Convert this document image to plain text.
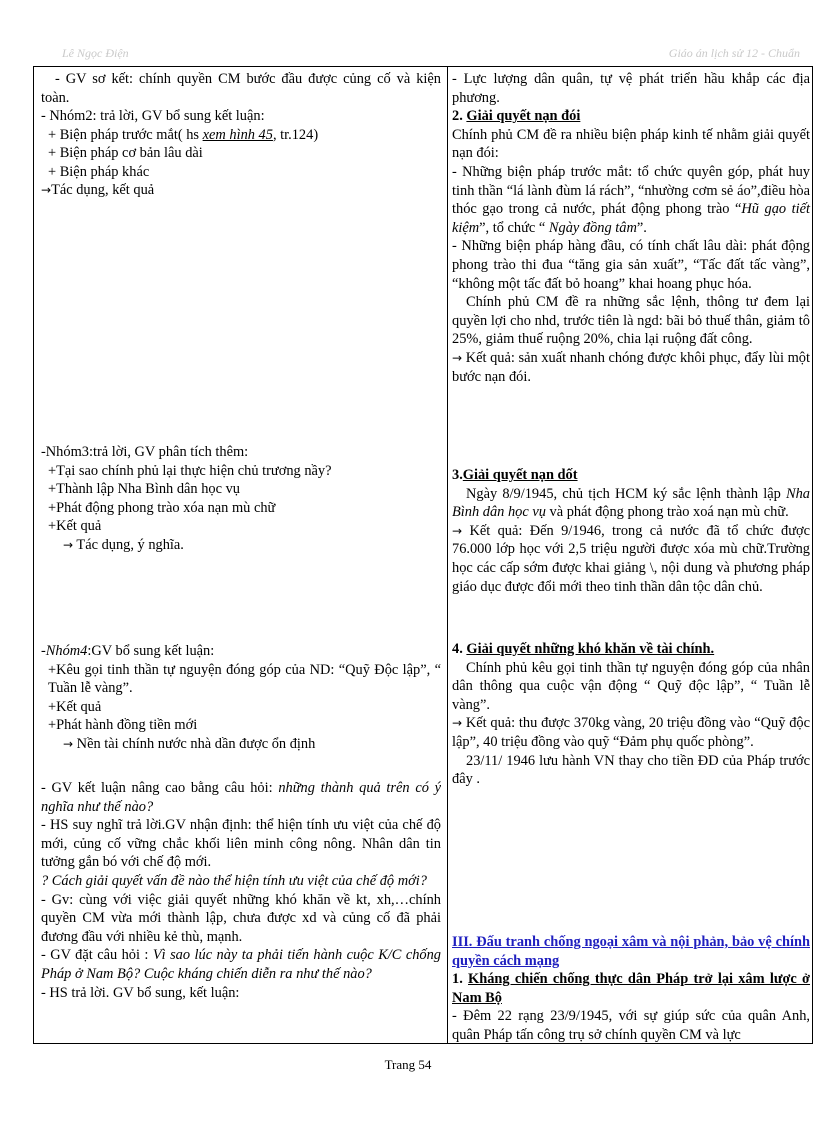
Lê Ngọc Điện	Giáo án lịch sử 12 - Chuẩn

- GV sơ kết: chính quyền CM bước đầu được củng cố và kiện toàn.

- Nhóm2: trả lời, GV bổ sung kết luận:

+ Biện pháp trước mắt( hs xem hình 45, tr.124)

+ Biện pháp cơ bản lâu dài

+ Biện pháp khác

→Tác dụng, kết quả

-Nhóm3:trả lời, GV phân tích thêm:

+Tại sao chính phủ lại thực hiện chủ trương nầy?

+Thành lập Nha Bình dân học vụ

+Phát động phong trào xóa nạn mù chữ

+Kết quả

→ Tác dụng, ý nghĩa.

-Nhóm4:GV bổ sung kết luận:

+Kêu gọi tinh thần tự nguyện đóng góp của ND: “Quỹ Độc lập”, “ Tuần lễ vàng”.

+Kết quả

+Phát hành đồng tiền mới

→ Nền tài chính nước nhà dần được ổn định

- GV kết luận nâng cao bằng câu hỏi: những thành quả trên có ý nghĩa như thế nào?

- HS suy nghĩ trả lời.GV nhận định: thể hiện tính ưu việt của chế độ mới, củng cố vững chắc khối liên minh công nông. Nhân dân tin tưởng gắn bó với chế độ mới.

? Cách giải quyết vấn đề nào thể hiện tính ưu việt của chế độ mới?

- Gv: cùng với việc giải quyết những khó khăn về kt, xh,…chính quyền CM vừa mới thành lập, chưa được xd và củng cố đã phải đương đầu với nhiều kẻ thù, mạnh.

- GV đặt câu hỏi : Vì sao lúc này ta phải tiến hành cuộc K/C chống Pháp ở Nam Bộ? Cuộc kháng chiến diễn ra như thế nào?

- HS trả lời. GV bổ sung, kết luận:

- Lực lượng dân quân, tự vệ phát triển hầu khắp các địa phương.

2. Giải quyết nạn đói

Chính phủ CM đề ra nhiều biện pháp kinh tế nhằm giải quyết nạn đói:

- Những biện pháp trước mắt: tổ chức quyên góp, phát huy tinh thần “lá lành đùm lá rách”, “nhường cơm sẻ áo”,điều hòa thóc gạo trong cả nước, phát động phong trào “Hũ gạo tiết kiệm”, tổ chức “ Ngày đồng tâm”.

- Những biện pháp hàng đầu, có tính chất lâu dài: phát động phong trào thi đua “tăng gia sản xuất”, “Tấc đất tấc vàng”, “không một tấc đất bỏ hoang” khai hoang phục hóa.

Chính phủ CM đề ra những sắc lệnh, thông tư đem lại quyền lợi cho nhd, trước tiên là ngd: bãi bỏ thuế thân, giảm tô 25%, giảm thuế ruộng 20%, chia lại ruộng đất công.

→ Kết quả: sản xuất nhanh chóng được khôi phục, đẩy lùi một bước nạn đói.

3.Giải quyết nạn dốt

Ngày 8/9/1945, chủ tịch HCM ký sắc lệnh thành lập Nha Bình dân học vụ và phát động phong trào xoá nạn mù chữ.

→ Kết quả: Đến 9/1946, trong cả nước đã tổ chức được 76.000 lớp học với 2,5 triệu người được xóa mù chữ.Trường học các cấp sớm được khai giảng \, nội dung và phương pháp giáo dục được đổi mới theo tinh thần dân tộc dân chủ.

4. Giải quyết những khó khăn về tài chính.

Chính phủ kêu gọi tinh thần tự nguyện đóng góp của nhân dân thông qua cuộc vận động “ Quỹ độc lập”, “ Tuần lễ vàng”.

→ Kết quả: thu được 370kg vàng, 20 triệu đồng vào “Quỹ độc lập”, 40 triệu đồng vào quỹ “Đảm phụ quốc phòng”.

23/11/ 1946 lưu hành VN thay cho tiền ĐD của Pháp trước đây .

III. Đấu tranh chống ngoại xâm và nội phản, bảo vệ chính quyền cách mạng

1. Kháng chiến chống thực dân Pháp trở lại xâm lược ở Nam Bộ

- Đêm 22 rạng 23/9/1945, với sự giúp sức của quân Anh, quân Pháp tấn công trụ sở chính quyền CM và lực

Trang 54
